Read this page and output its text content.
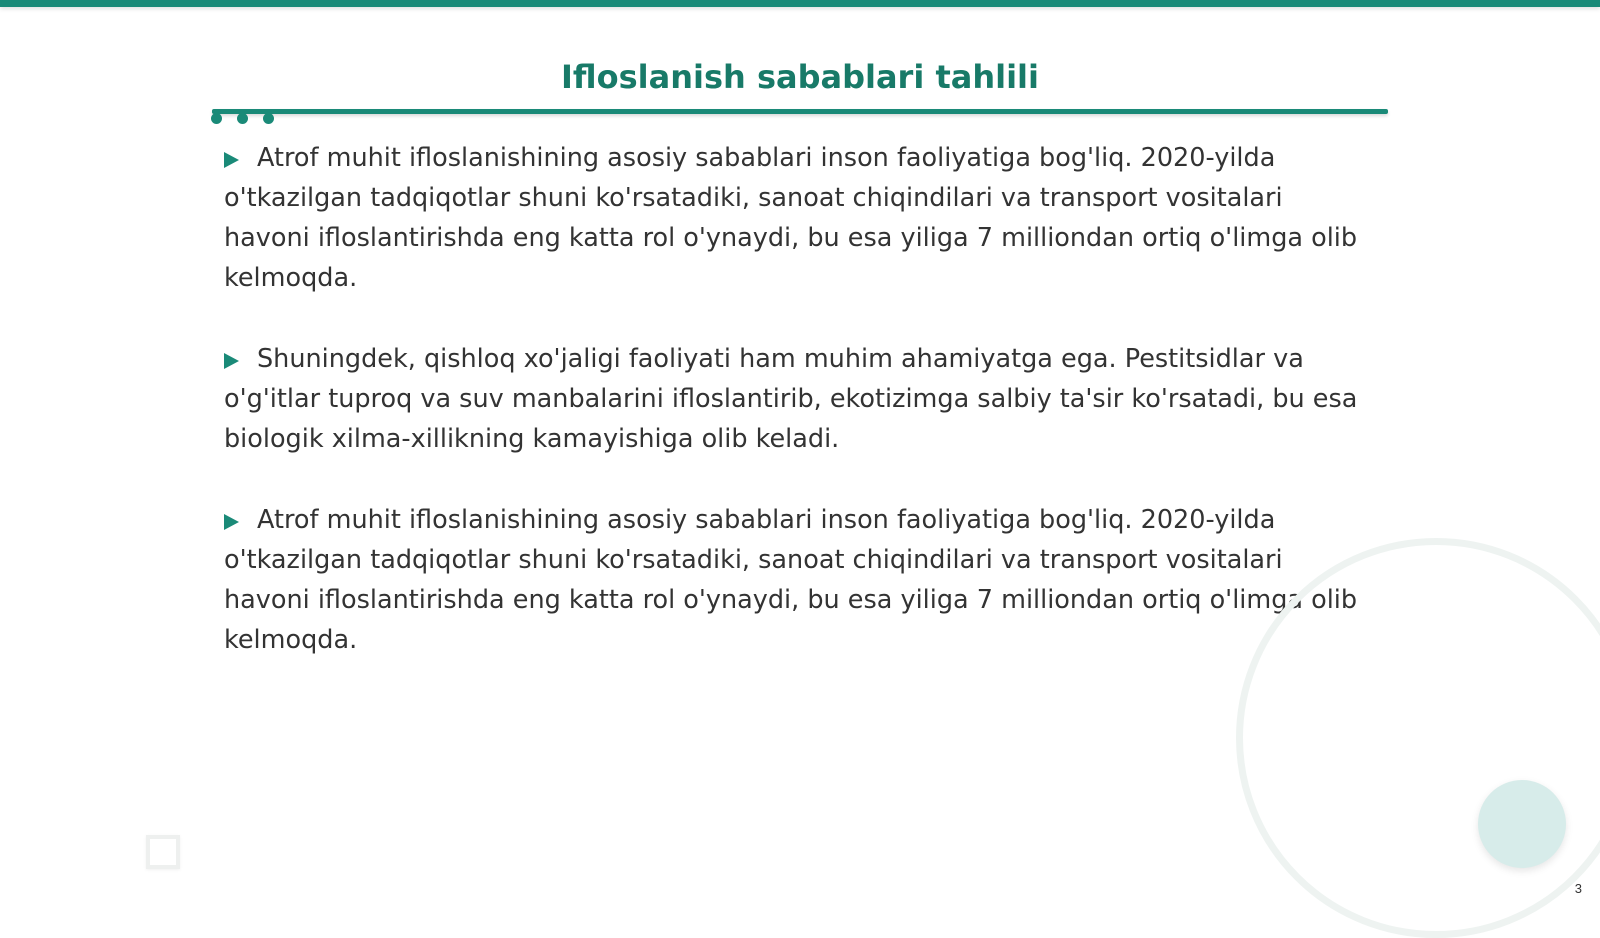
Ifloslanish sabablari tahlili

Atrof muhit ifloslanishining asosiy sabablari inson faoliyatiga bog'liq. 2020-yilda o'tkazilgan tadqiqotlar shuni ko'rsatadiki, sanoat chiqindilari va transport vositalari havoni ifloslantirishda eng katta rol o'ynaydi, bu esa yiliga 7 milliondan ortiq o'limga olib kelmoqda.

Shuningdek, qishloq xo'jaligi faoliyati ham muhim ahamiyatga ega. Pestitsidlar va o'g'itlar tuproq va suv manbalarini ifloslantirib, ekotizimga salbiy ta'sir ko'rsatadi, bu esa biologik xilma-xillikning kamayishiga olib keladi.

Atrof muhit ifloslanishining asosiy sabablari inson faoliyatiga bog'liq. 2020-yilda o'tkazilgan tadqiqotlar shuni ko'rsatadiki, sanoat chiqindilari va transport vositalari havoni ifloslantirishda eng katta rol o'ynaydi, bu esa yiliga 7 milliondan ortiq o'limga olib kelmoqda.

3
